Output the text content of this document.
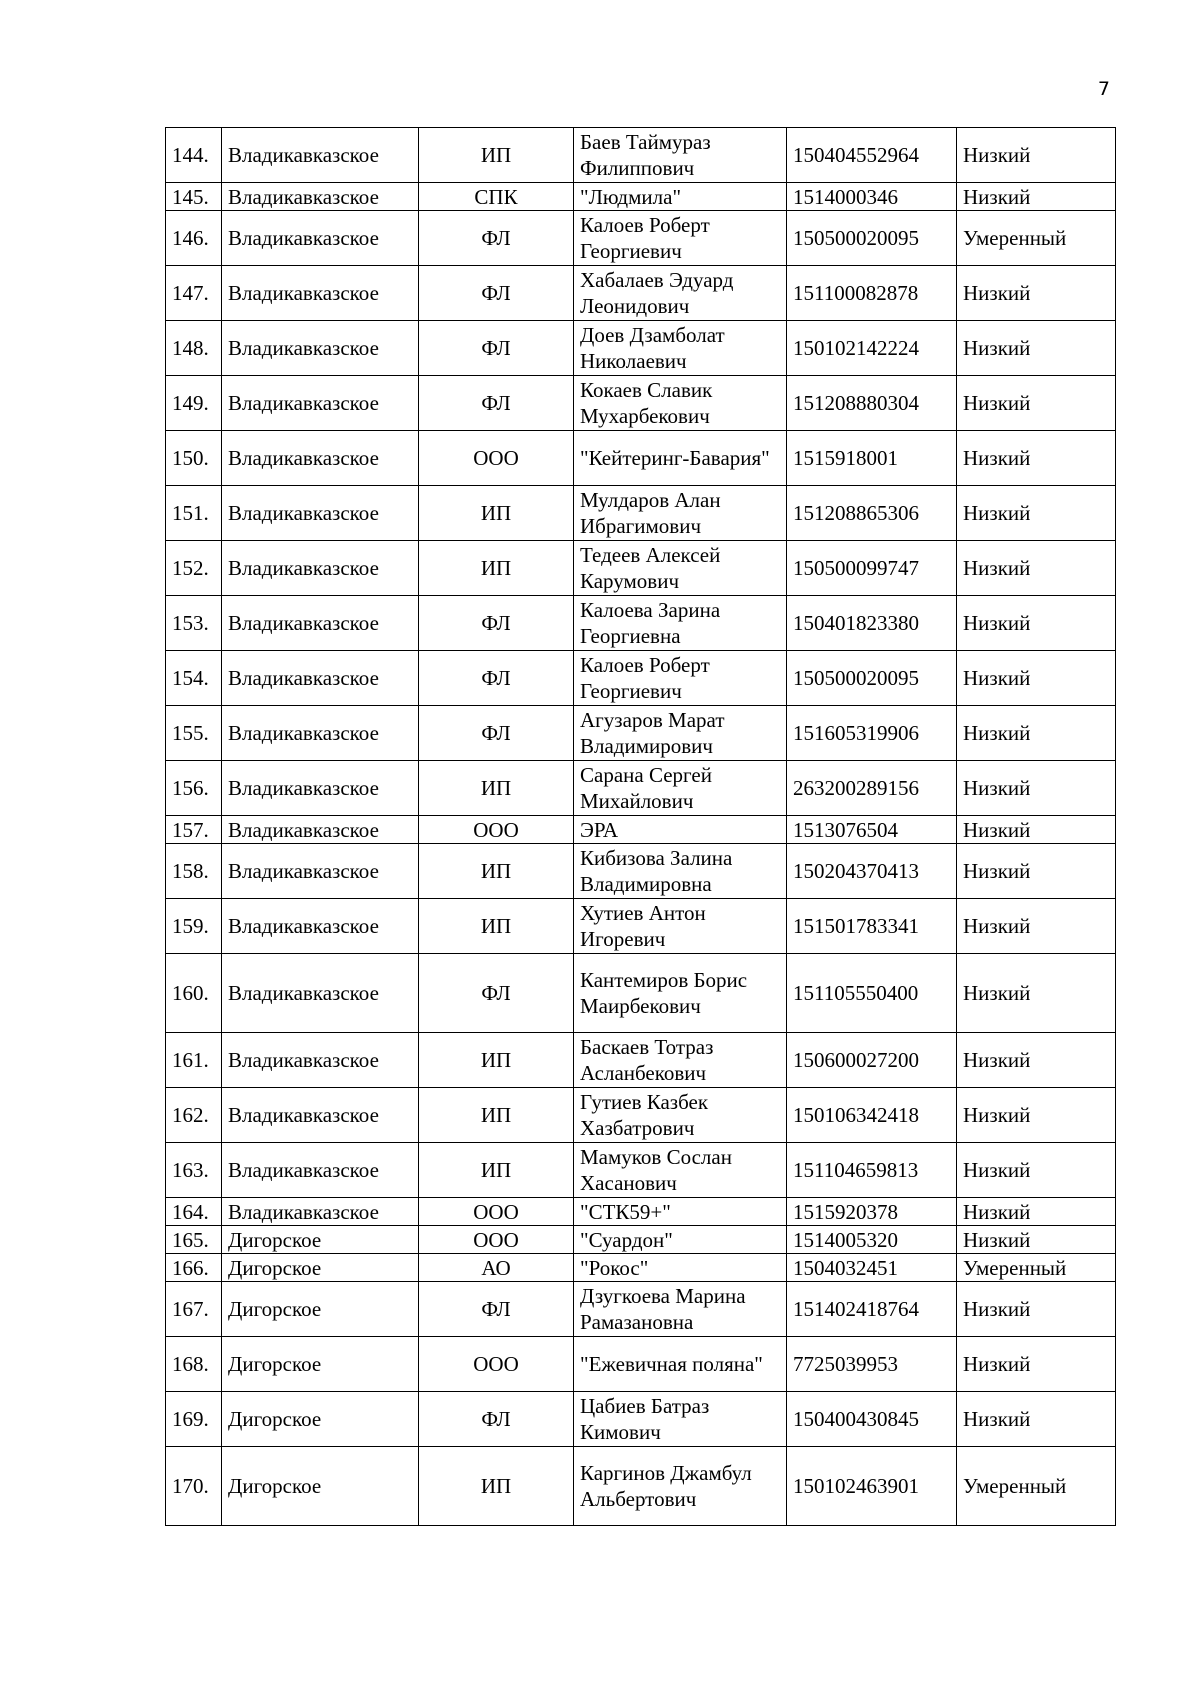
7
144.	Владикавказское	ИП	Баев Таймураз Филиппович	150404552964	Низкий
145.	Владикавказское	СПК	"Людмила"	1514000346	Низкий
146.	Владикавказское	ФЛ	Калоев Роберт Георгиевич	150500020095	Умеренный
147.	Владикавказское	ФЛ	Хабалаев Эдуард Леонидович	151100082878	Низкий
148.	Владикавказское	ФЛ	Доев Дзамболат Николаевич	150102142224	Низкий
149.	Владикавказское	ФЛ	Кокаев Славик Мухарбекович	151208880304	Низкий
150.	Владикавказское	ООО	"Кейтеринг-Бавария"	1515918001	Низкий
151.	Владикавказское	ИП	Мулдаров Алан Ибрагимович	151208865306	Низкий
152.	Владикавказское	ИП	Тедеев Алексей Карумович	150500099747	Низкий
153.	Владикавказское	ФЛ	Калоева Зарина Георгиевна	150401823380	Низкий
154.	Владикавказское	ФЛ	Калоев Роберт Георгиевич	150500020095	Низкий
155.	Владикавказское	ФЛ	Агузаров Марат Владимирович	151605319906	Низкий
156.	Владикавказское	ИП	Сарана Сергей Михайлович	263200289156	Низкий
157.	Владикавказское	ООО	ЭРА	1513076504	Низкий
158.	Владикавказское	ИП	Кибизова Залина Владимировна	150204370413	Низкий
159.	Владикавказское	ИП	Хутиев Антон Игоревич	151501783341	Низкий
160.	Владикавказское	ФЛ	Кантемиров Борис Маирбекович	151105550400	Низкий
161.	Владикавказское	ИП	Баскаев Тотраз Асланбекович	150600027200	Низкий
162.	Владикавказское	ИП	Гутиев Казбек Хазбатрович	150106342418	Низкий
163.	Владикавказское	ИП	Мамуков Сослан Хасанович	151104659813	Низкий
164.	Владикавказское	ООО	"СТК59+"	1515920378	Низкий
165.	Дигорское	ООО	"Суардон"	1514005320	Низкий
166.	Дигорское	АО	"Рокос"	1504032451	Умеренный
167.	Дигорское	ФЛ	Дзугкоева Марина Рамазановна	151402418764	Низкий
168.	Дигорское	ООО	"Ежевичная поляна"	7725039953	Низкий
169.	Дигорское	ФЛ	Цабиев Батраз Кимович	150400430845	Низкий
170.	Дигорское	ИП	Каргинов Джамбул Альбертович	150102463901	Умеренный
